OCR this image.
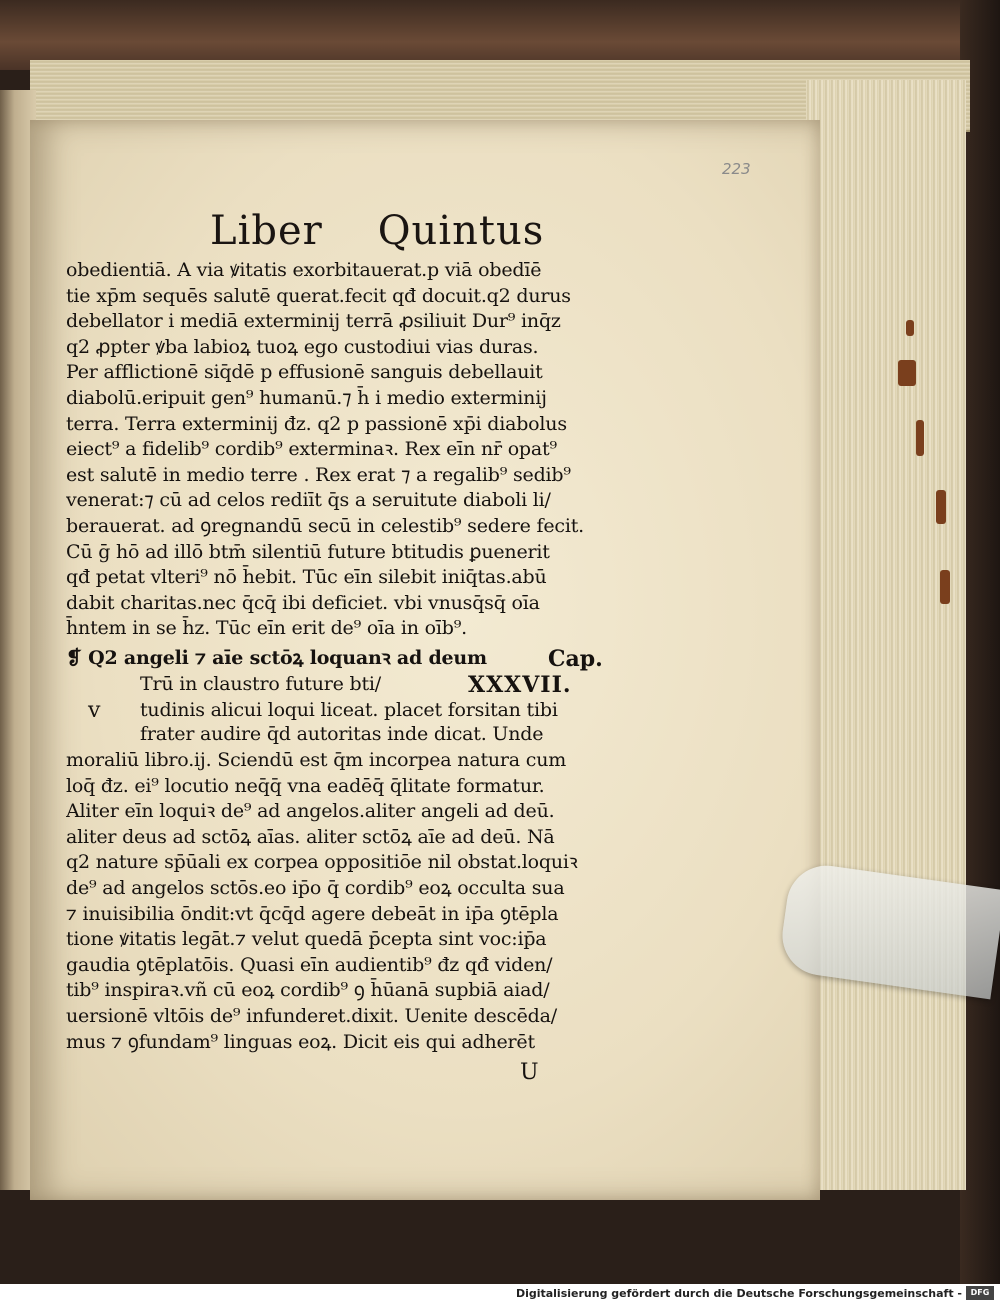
223
Liber Quintus
❡ Q2 angeli ⁊ aīe sctōꝝ loquanꝛ ad deum	Cap.
XXXVII.
v
Trū in claustro future bti/
tudinis alicui loqui liceat. placet forsitan tibi
frater audire q̄d autoritas inde dicat. Unde
U
obedientiā. A via ꝟitatis exorbitauerat.p viā obedīē
tie xp̄m sequēs salutē querat.fecit qđ docuit.q2 durus
debellator i mediā exterminij terrā ꝓsiliuit Dur⁹ inq̄z
q2 ꝓpter ꝟba labioꝝ tuoꝝ ego custodiui vias duras.
Per afflictionē siq̄dē p effusionē sanguis debellauit
diabolū.eripuit gen⁹ humanū.⁊ h̄ i medio exterminij
terra. Terra exterminij đz. q2 p passionē xp̄i diabolus
eiect⁹ a fidelib⁹ cordib⁹ exterminaꝛ. Rex eīn nr̄ opat⁹
est salutē in medio terre . Rex erat ⁊ a regalib⁹ sedib⁹
venerat:⁊ cū ad celos rediīt q̄s a seruitute diaboli li/
berauerat. ad ꝯregnandū secū in celestib⁹ sedere fecit.
Cū ḡ hō ad illō btm̄ silentiū future btitudis ꝑuenerit
qđ petat vlteri⁹ nō h̄ebit. Tūc eīn silebit iniq̄tas.abū
dabit charitas.nec q̄cq̄ ibi deficiet. vbi vnusq̄sq̄ oīa
h̄ntem in se h̄z. Tūc eīn erit de⁹ oīa in oīb⁹.
moraliū libro.ij. Sciendū est q̄m incorpea natura cum
loq̄ đz. ei⁹ locutio neq̄q̄ vna eadēq̄ q̄litate formatur.
Aliter eīn loquiꝛ de⁹ ad angelos.aliter angeli ad deū.
aliter deus ad sctōꝝ aīas. aliter sctōꝝ aīe ad deū. Nā
q2 nature sp̄ūali ex corpea oppositiōe nil obstat.loquiꝛ
de⁹ ad angelos sctōs.eo ip̄o q̄ cordib⁹ eoꝝ occulta sua
⁊ inuisibilia ōndit:vt q̄cq̄d agere debeāt in ip̄a ꝯtēpla
tione ꝟitatis legāt.⁊ velut quedā p̄cepta sint voc:ip̄a
gaudia ꝯtēplatōis. Quasi eīn audientib⁹ đz qđ viden/
tib⁹ inspiraꝛ.vñ cū eoꝝ cordib⁹ ꝯ h̄ūanā supbiā aiad/
uersionē vltōis de⁹ infunderet.dixit. Uenite descēda/
mus ⁊ ꝯfundam⁹ linguas eoꝝ. Dicit eis qui adherēt
Digitalisierung gefördert durch die Deutsche Forschungsgemeinschaft -	DFG
